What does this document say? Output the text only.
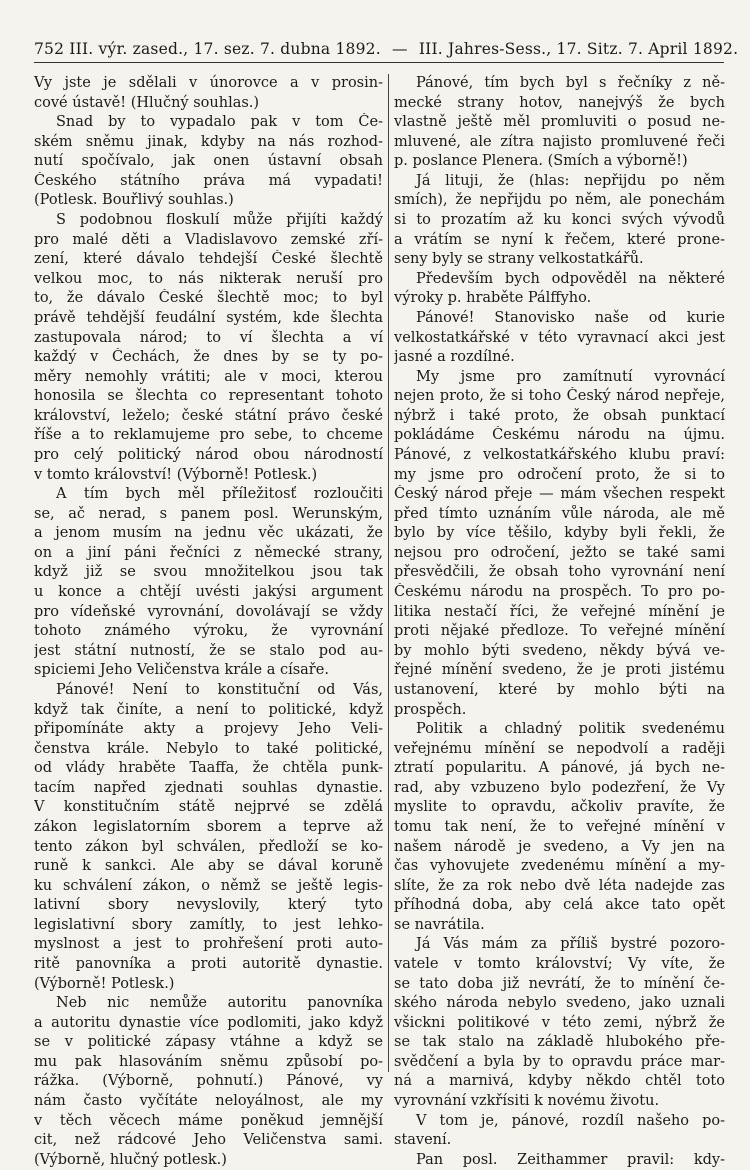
752 III. výr. zased., 17. sez. 7. dubna 1892. — III. Jahres-Sess., 17. Sitz. 7. April 1892.
Vy jste je sdělali v únorovce a v prosin-
cové ústavě! (Hlučný souhlas.)
Snad by to vypadalo pak v tom Če-
ském sněmu jinak, kdyby na nás rozhod-
nutí spočívalo, jak onen ústavní obsah
Českého státního práva má vypadati!
(Potlesk. Bouřlivý souhlas.)
S podobnou floskulí může přijíti každý
pro malé děti a Vladislavovo zemské zří-
zení, které dávalo tehdejší České šlechtě
velkou moc, to nás nikterak neruší pro
to, že dávalo České šlechtě moc; to byl
právě tehdější feudální systém, kde šlechta
zastupovala národ; to ví šlechta a ví
každý v Čechách, že dnes by se ty po-
měry nemohly vrátiti; ale v moci, kterou
honosila se šlechta co representant tohoto
království, leželo; české státní právo české
říše a to reklamujeme pro sebe, to chceme
pro celý politický národ obou národností
v tomto království! (Výborně! Potlesk.)
A tím bych měl příležitosť rozloučiti
se, ač nerad, s panem posl. Werunským,
a jenom musím na jednu věc ukázati, že
on a jiní páni řečníci z německé strany,
když již se svou množitelkou jsou tak
u konce a chtějí uvésti jakýsi argument
pro vídeňské vyrovnání, dovolávají se vždy
tohoto známého výroku, že vyrovnání
jest státní nutností, že se stalo pod au-
spiciemi Jeho Veličenstva krále a císaře.
Pánové! Není to konstituční od Vás,
když tak činíte, a není to politické, když
připomínáte akty a projevy Jeho Veli-
čenstva krále. Nebylo to také politické,
od vlády hraběte Taaffa, že chtěla punk-
tacím napřed zjednati souhlas dynastie.
V konstitučním státě nejprvé se zdělá
zákon legislatorním sborem a teprve až
tento zákon byl schválen, předloží se ko-
runě k sankci. Ale aby se dával koruně
ku schválení zákon, o němž se ještě legis-
lativní sbory nevyslovily, který tyto
legislativní sbory zamítly, to jest lehko-
myslnost a jest to prohřešení proti auto-
ritě panovníka a proti autoritě dynastie.
(Výborně! Potlesk.)
Neb nic nemůže autoritu panovníka
a autoritu dynastie více podlomiti, jako když
se v politické zápasy vtáhne a když se
mu pak hlasováním sněmu způsobí po-
rážka. (Výborně, pohnutí.) Pánové, vy
nám často vyčítáte neloyálnost, ale my
v těch věcech máme poněkud jemnější
cit, než rádcové Jeho Veličenstva sami.
(Výborně, hlučný potlesk.)
Pánové, tím bych byl s řečníky z ně-
mecké strany hotov, nanejvýš že bych
vlastně ještě měl promluviti o posud ne-
mluvené, ale zítra najisto promluvené řeči
p. poslance Plenera. (Smích a výborně!)
Já lituji, že (hlas: nepřijdu po něm
smích), že nepřijdu po něm, ale ponechám
si to prozatím až ku konci svých vývodů
a vrátím se nyní k řečem, které prone-
seny byly se strany velkostatkářů.
Především bych odpověděl na některé
výroky p. hraběte Pálffyho.
Pánové! Stanovisko naše od kurie
velkostatkářské v této vyravnací akci jest
jasné a rozdílné.
My jsme pro zamítnutí vyrovnácí
nejen proto, že si toho Český národ nepřeje,
nýbrž i také proto, že obsah punktací
pokládáme Českému národu na újmu.
Pánové, z velkostatkářského klubu praví:
my jsme pro odročení proto, že si to
Český národ přeje — mám všechen respekt
před tímto uznáním vůle národa, ale mě
bylo by více těšilo, kdyby byli řekli, že
nejsou pro odročení, ježto se také sami
přesvědčili, že obsah toho vyrovnání není
Českému národu na prospěch. To pro po-
litika nestačí říci, že veřejné mínění je
proti nějaké předloze. To veřejné mínění
by mohlo býti svedeno, někdy bývá ve-
řejné mínění svedeno, že je proti jistému
ustanovení, které by mohlo býti na
prospěch.
Politik a chladný politik svedenému
veřejnému mínění se nepodvolí a raději
ztratí popularitu. A pánové, já bych ne-
rad, aby vzbuzeno bylo podezření, že Vy
myslite to opravdu, ačkoliv pravíte, že
tomu tak není, že to veřejné mínění v
našem národě je svedeno, a Vy jen na
čas vyhovujete zvedenému mínění a my-
slíte, že za rok nebo dvě léta nadejde zas
příhodná doba, aby celá akce tato opět
se navrátila.
Já Vás mám za příliš bystré pozoro-
vatele v tomto království; Vy víte, že
se tato doba již nevrátí, že to mínění če-
ského národa nebylo svedeno, jako uznali
všickni politikové v této zemi, nýbrž že
se tak stalo na základě hlubokého pře-
svědčení a byla by to opravdu práce mar-
ná a marnivá, kdyby někdo chtěl toto
vyrovnání vzkřísiti k novému životu.
V tom je, pánové, rozdíl našeho po-
stavení.
Pan posl. Zeithammer pravil: kdy-
